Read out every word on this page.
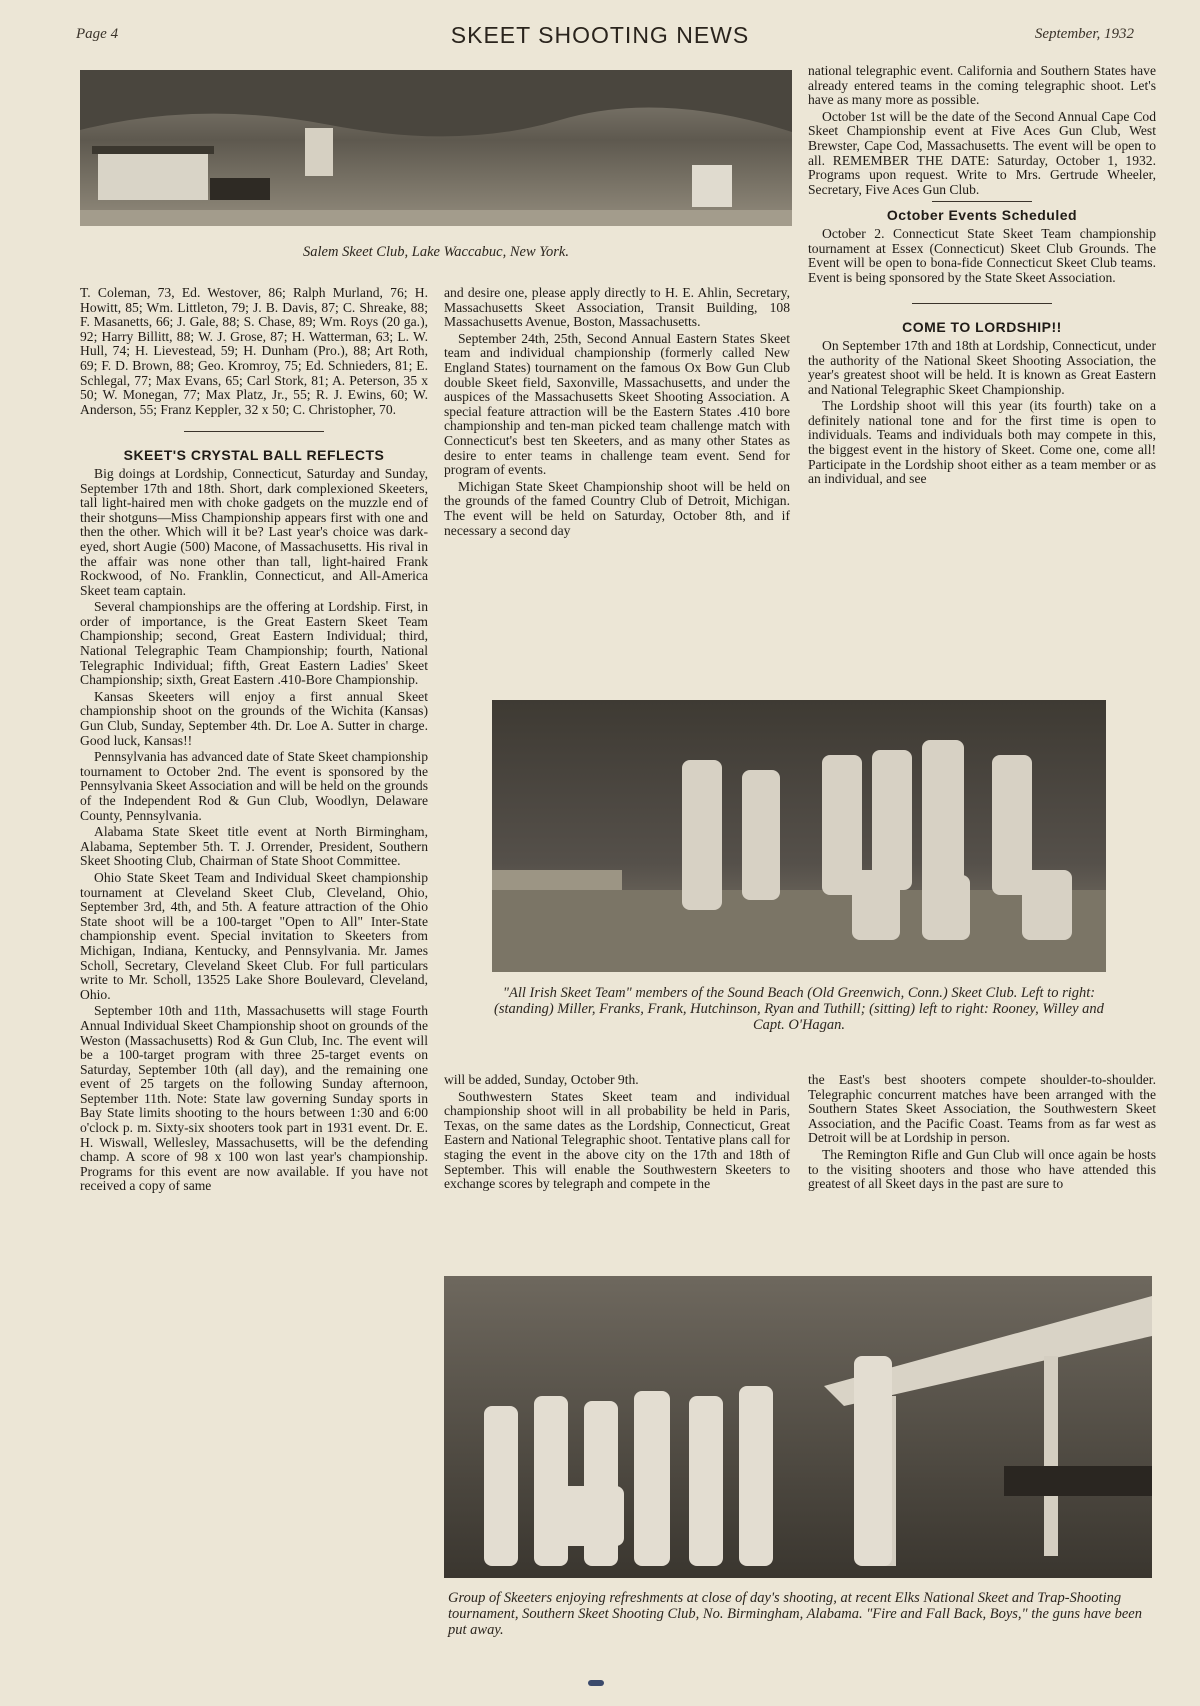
Page 4	SKEET SHOOTING NEWS	September, 1932
Salem Skeet Club, Lake Waccabuc, New York.

T. Coleman, 73, Ed. Westover, 86; Ralph Murland, 76; H. Howitt, 85; Wm. Littleton, 79; J. B. Davis, 87; C. Shreake, 88; F. Masanetts, 66; J. Gale, 88; S. Chase, 89; Wm. Roys (20 ga.), 92; Harry Billitt, 88; W. J. Grose, 87; H. Watterman, 63; L. W. Hull, 74; H. Lievestead, 59; H. Dunham (Pro.), 88; Art Roth, 69; F. D. Brown, 88; Geo. Kromroy, 75; Ed. Schnieders, 81; E. Schlegal, 77; Max Evans, 65; Carl Stork, 81; A. Peterson, 35 x 50; W. Monegan, 77; Max Platz, Jr., 55; R. J. Ewins, 60; W. Anderson, 55; Franz Keppler, 32 x 50; C. Christopher, 70.

SKEET'S CRYSTAL BALL REFLECTS

Big doings at Lordship, Connecticut, Saturday and Sunday, September 17th and 18th. Short, dark complexioned Skeeters, tall light-haired men with choke gadgets on the muzzle end of their shotguns—Miss Championship appears first with one and then the other. Which will it be? Last year's choice was dark-eyed, short Augie (500) Macone, of Massachusetts. His rival in the affair was none other than tall, light-haired Frank Rockwood, of No. Franklin, Connecticut, and All-America Skeet team captain.

Several championships are the offering at Lordship. First, in order of importance, is the Great Eastern Skeet Team Championship; second, Great Eastern Individual; third, National Telegraphic Team Championship; fourth, National Telegraphic Individual; fifth, Great Eastern Ladies' Skeet Championship; sixth, Great Eastern .410-Bore Championship.

Kansas Skeeters will enjoy a first annual Skeet championship shoot on the grounds of the Wichita (Kansas) Gun Club, Sunday, September 4th. Dr. Loe A. Sutter in charge. Good luck, Kansas!!

Pennsylvania has advanced date of State Skeet championship tournament to October 2nd. The event is sponsored by the Pennsylvania Skeet Association and will be held on the grounds of the Independent Rod & Gun Club, Woodlyn, Delaware County, Pennsylvania.

Alabama State Skeet title event at North Birmingham, Alabama, September 5th. T. J. Orrender, President, Southern Skeet Shooting Club, Chairman of State Shoot Committee.

Ohio State Skeet Team and Individual Skeet championship tournament at Cleveland Skeet Club, Cleveland, Ohio, September 3rd, 4th, and 5th. A feature attraction of the Ohio State shoot will be a 100-target "Open to All" Inter-State championship event. Special invitation to Skeeters from Michigan, Indiana, Kentucky, and Pennsylvania. Mr. James Scholl, Secretary, Cleveland Skeet Club. For full particulars write to Mr. Scholl, 13525 Lake Shore Boulevard, Cleveland, Ohio.

September 10th and 11th, Massachusetts will stage Fourth Annual Individual Skeet Championship shoot on grounds of the Weston (Massachusetts) Rod & Gun Club, Inc. The event will be a 100-target program with three 25-target events on Saturday, September 10th (all day), and the remaining one event of 25 targets on the following Sunday afternoon, September 11th. Note: State law governing Sunday sports in Bay State limits shooting to the hours between 1:30 and 6:00 o'clock p. m. Sixty-six shooters took part in 1931 event. Dr. E. H. Wiswall, Wellesley, Massachusetts, will be the defending champ. A score of 98 x 100 won last year's championship. Programs for this event are now available. If you have not received a copy of same

and desire one, please apply directly to H. E. Ahlin, Secretary, Massachusetts Skeet Association, Transit Building, 108 Massachusetts Avenue, Boston, Massachusetts.

September 24th, 25th, Second Annual Eastern States Skeet team and individual championship (formerly called New England States) tournament on the famous Ox Bow Gun Club double Skeet field, Saxonville, Massachusetts, and under the auspices of the Massachusetts Skeet Shooting Association. A special feature attraction will be the Eastern States .410 bore championship and ten-man picked team challenge match with Connecticut's best ten Skeeters, and as many other States as desire to enter teams in challenge team event. Send for program of events.

Michigan State Skeet Championship shoot will be held on the grounds of the famed Country Club of Detroit, Michigan. The event will be held on Saturday, October 8th, and if necessary a second day

national telegraphic event. California and Southern States have already entered teams in the coming telegraphic shoot. Let's have as many more as possible.

October 1st will be the date of the Second Annual Cape Cod Skeet Championship event at Five Aces Gun Club, West Brewster, Cape Cod, Massachusetts. The event will be open to all. REMEMBER THE DATE: Saturday, October 1, 1932. Programs upon request. Write to Mrs. Gertrude Wheeler, Secretary, Five Aces Gun Club.

October Events Scheduled

October 2. Connecticut State Skeet Team championship tournament at Essex (Connecticut) Skeet Club Grounds. The Event will be open to bona-fide Connecticut Skeet Club teams. Event is being sponsored by the State Skeet Association.

COME TO LORDSHIP!!

On September 17th and 18th at Lordship, Connecticut, under the authority of the National Skeet Shooting Association, the year's greatest shoot will be held. It is known as Great Eastern and National Telegraphic Skeet Championship.

The Lordship shoot will this year (its fourth) take on a definitely national tone and for the first time is open to individuals. Teams and individuals both may compete in this, the biggest event in the history of Skeet. Come one, come all! Participate in the Lordship shoot either as a team member or as an individual, and see

"All Irish Skeet Team" members of the Sound Beach (Old Greenwich, Conn.) Skeet Club. Left to right: (standing) Miller, Franks, Frank, Hutchinson, Ryan and Tuthill; (sitting) left to right: Rooney, Willey and Capt. O'Hagan.

will be added, Sunday, October 9th.

Southwestern States Skeet team and individual championship shoot will in all probability be held in Paris, Texas, on the same dates as the Lordship, Connecticut, Great Eastern and National Telegraphic shoot. Tentative plans call for staging the event in the above city on the 17th and 18th of September. This will enable the Southwestern Skeeters to exchange scores by telegraph and compete in the

the East's best shooters compete shoulder-to-shoulder. Telegraphic concurrent matches have been arranged with the Southern States Skeet Association, the Southwestern Skeet Association, and the Pacific Coast. Teams from as far west as Detroit will be at Lordship in person.

The Remington Rifle and Gun Club will once again be hosts to the visiting shooters and those who have attended this greatest of all Skeet days in the past are sure to

Group of Skeeters enjoying refreshments at close of day's shooting, at recent Elks National Skeet and Trap-Shooting tournament, Southern Skeet Shooting Club, No. Birmingham, Alabama. "Fire and Fall Back, Boys," the guns have been put away.
